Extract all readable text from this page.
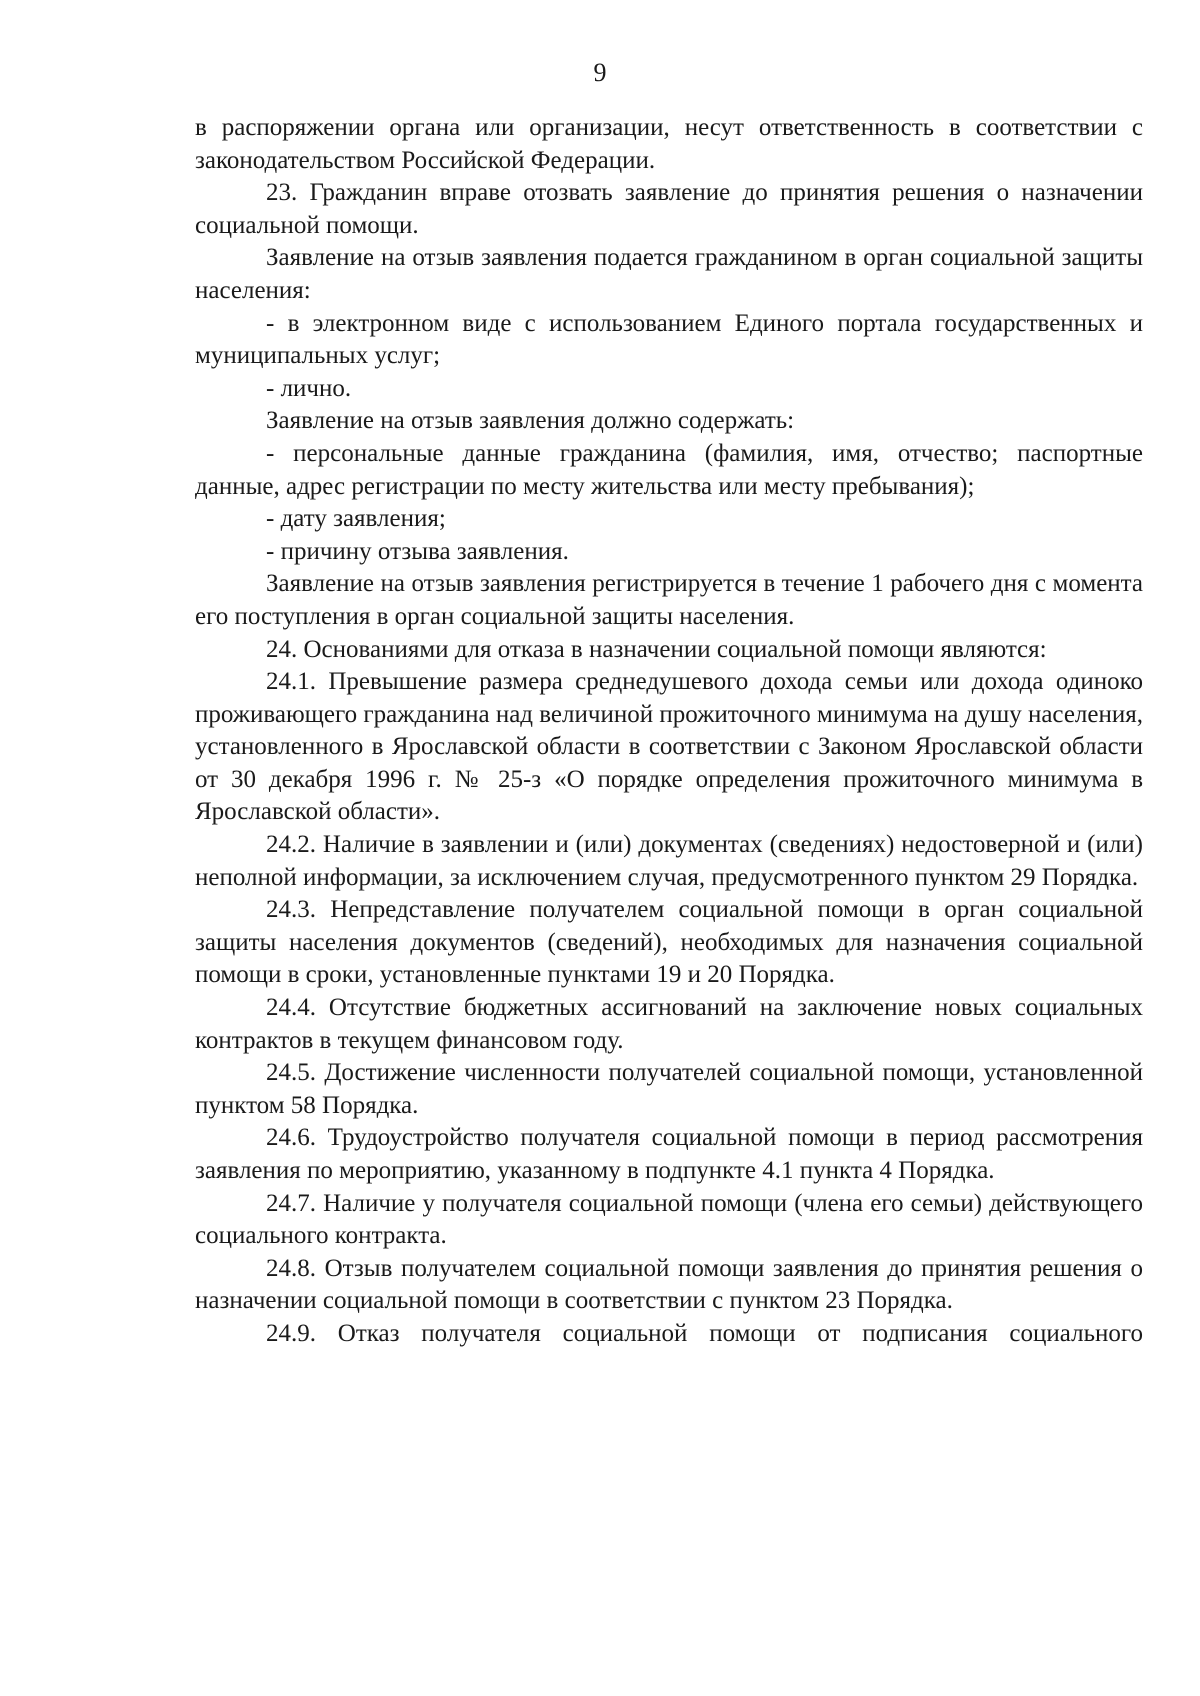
9

в распоряжении органа или организации, несут ответственность в соответствии с законодательством Российской Федерации.

23. Гражданин вправе отозвать заявление до принятия решения о назначении социальной помощи.

Заявление на отзыв заявления подается гражданином в орган социальной защиты населения:

- в электронном виде с использованием Единого портала государственных и муниципальных услуг;

- лично.

Заявление на отзыв заявления должно содержать:

- персональные данные гражданина (фамилия, имя, отчество; паспортные данные, адрес регистрации по месту жительства или месту пребывания);

- дату заявления;

- причину отзыва заявления.

Заявление на отзыв заявления регистрируется в течение 1 рабочего дня с момента его поступления в орган социальной защиты населения.

24. Основаниями для отказа в назначении социальной помощи являются:

24.1. Превышение размера среднедушевого дохода семьи или дохода одиноко проживающего гражданина над величиной прожиточного минимума на душу населения, установленного в Ярославской области в соответствии с Законом Ярославской области от 30 декабря 1996 г. № 25-з «О порядке определения прожиточного минимума в Ярославской области».

24.2. Наличие в заявлении и (или) документах (сведениях) недостоверной и (или) неполной информации, за исключением случая, предусмотренного пунктом 29 Порядка.

24.3. Непредставление получателем социальной помощи в орган социальной защиты населения документов (сведений), необходимых для назначения социальной помощи в сроки, установленные пунктами 19 и 20 Порядка.

24.4. Отсутствие бюджетных ассигнований на заключение новых социальных контрактов в текущем финансовом году.

24.5. Достижение численности получателей социальной помощи, установленной пунктом 58 Порядка.

24.6. Трудоустройство получателя социальной помощи в период рассмотрения заявления по мероприятию, указанному в подпункте 4.1 пункта 4 Порядка.

24.7. Наличие у получателя социальной помощи (члена его семьи) действующего социального контракта.

24.8. Отзыв получателем социальной помощи заявления до принятия решения о назначении социальной помощи в соответствии с пунктом 23 Порядка.

24.9. Отказ получателя социальной помощи от подписания социального
